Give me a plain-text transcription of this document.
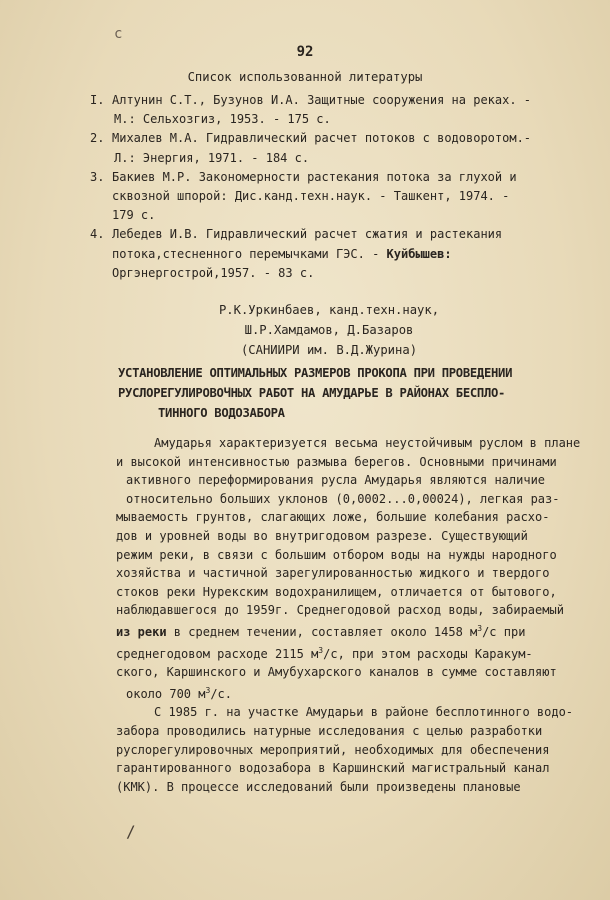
c
92
Список использованной литературы
I. Алтунин С.Т., Бузунов И.А. Защитные сооружения на реках. -
М.: Сельхозгиз, 1953. - 175 с.
2. Михалев М.А. Гидравлический расчет потоков с водоворотом.-
Л.: Энергия, 1971. - 184 с.
3. Бакиев М.Р. Закономерности растекания потока за глухой и
сквозной шпорой: Дис.канд.техн.наук. - Ташкент, 1974. -
179 с.
4. Лебедев И.В. Гидравлический расчет сжатия и растекания
потока,стесненного перемычками ГЭС. - Куйбышев:
Оргэнергострой,1957. - 83 с.
Р.К.Уркинбаев, канд.техн.наук,
Ш.Р.Хамдамов, Д.Базаров
(САНИИРИ им. В.Д.Журина)
УСТАНОВЛЕНИЕ ОПТИМАЛЬНЫХ РАЗМЕРОВ ПРОКОПА ПРИ ПРОВЕДЕНИИ
РУСЛОРЕГУЛИРОВОЧНЫХ РАБОТ НА АМУДАРЬЕ В РАЙОНАХ БЕСПЛО-
ТИННОГО ВОДОЗАБОРА
Амударья характеризуется весьма неустойчивым руслом в плане
и высокой интенсивностью размыва берегов. Основными причинами
активного переформирования русла Амударья являются наличие
относительно больших уклонов (0,0002...0,00024), легкая раз-
мываемость грунтов, слагающих ложе, большие колебания расхо-
дов и уровней воды во внутригодовом разрезе. Существующий
режим реки, в связи с большим отбором воды на нужды народного
хозяйства и частичной зарегулированностью жидкого и твердого
стоков реки Нурекским водохранилищем, отличается от бытового,
наблюдавшегося до 1959г. Среднегодовой расход воды, забираемый
из реки в среднем течении, составляет около 1458 $м^3/с$ при
среднегодовом расходе 2115 $м^3/с$, при этом расходы Каракум-
ского, Каршинского и Амубухарского каналов в сумме составляют
около 700 $м^3/с$.
С 1985 г. на участке Амударьи в районе бесплотинного водо-
забора проводились натурные исследования с целью разработки
руслорегулировочных мероприятий, необходимых для обеспечения
гарантированного водозабора в Каршинский магистральный канал
(КМК). В процессе исследований были произведены плановые
/
